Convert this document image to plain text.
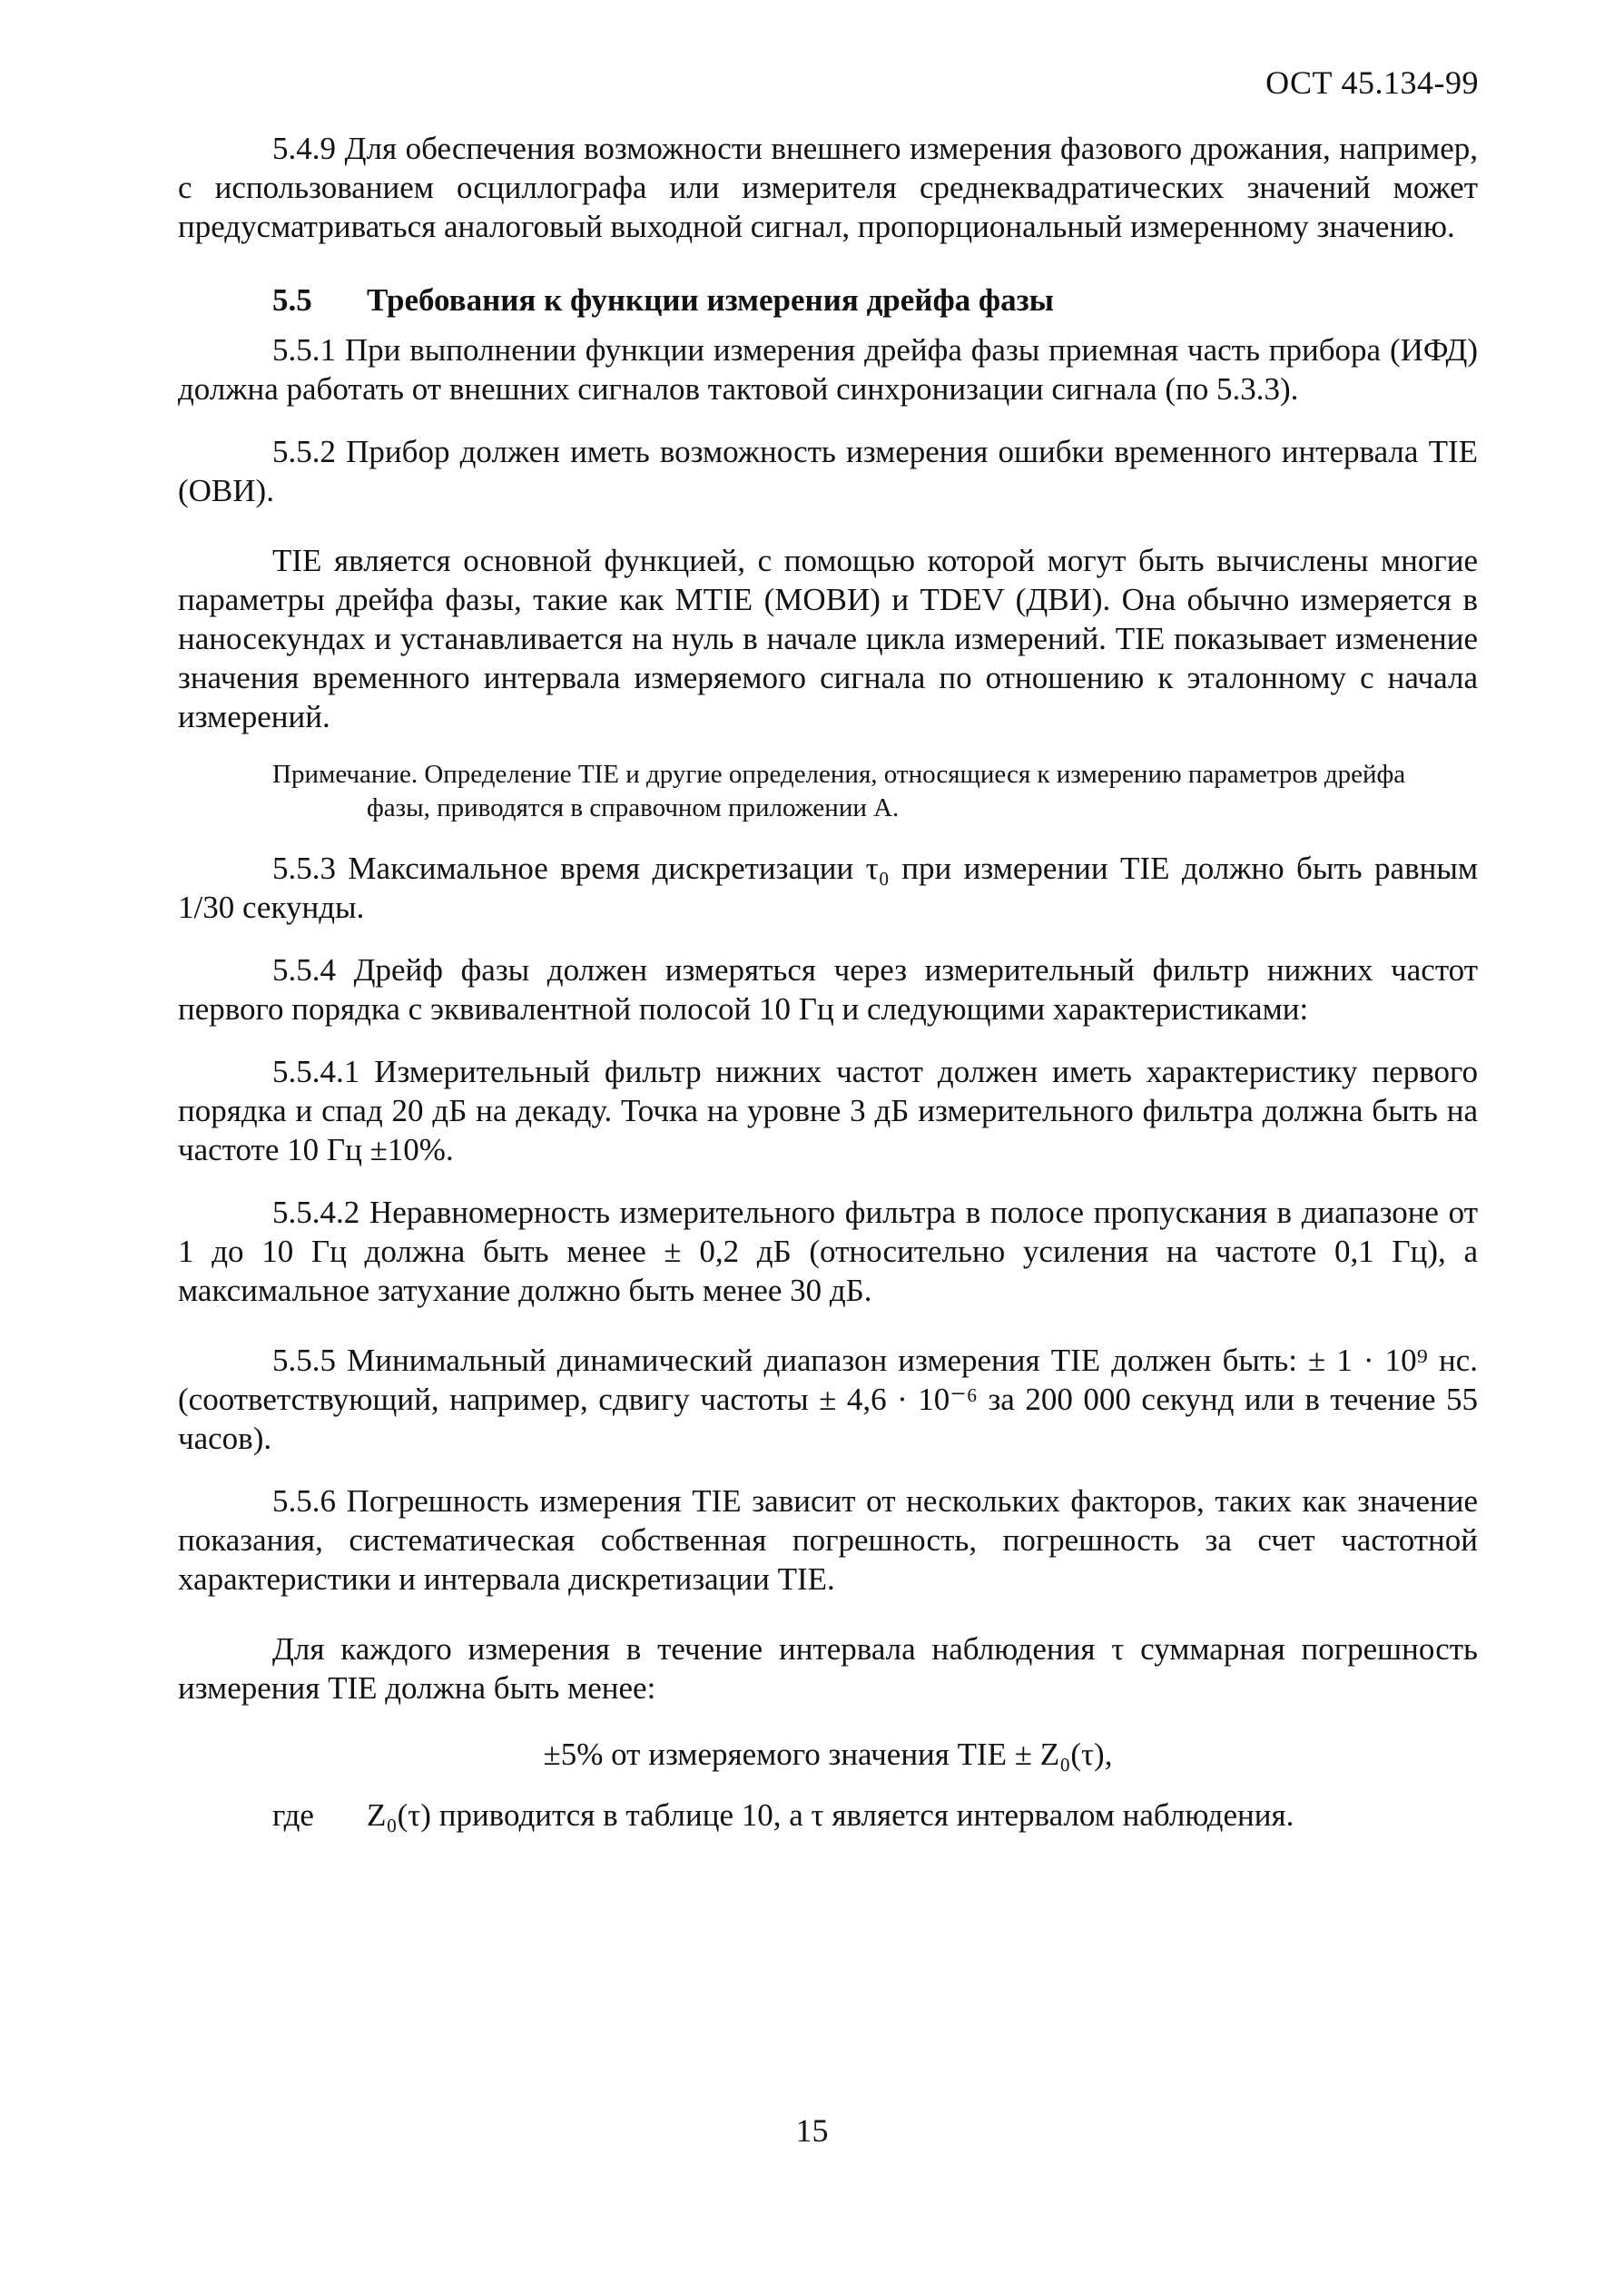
ОСТ 45.134-99

5.4.9 Для обеспечения возможности внешнего измерения фазового дрожания, например, с использованием осциллографа или измерителя среднеквадратических значений может предусматриваться аналоговый выходной сигнал, пропорциональный измеренному значению.

5.5	Требования к функции измерения дрейфа фазы

5.5.1 При выполнении функции измерения дрейфа фазы приемная часть прибора (ИФД) должна работать от внешних сигналов тактовой синхронизации сигнала (по 5.3.3).

5.5.2 Прибор должен иметь возможность измерения ошибки временного интервала TIE (ОВИ).

TIE является основной функцией, с помощью которой могут быть вычислены многие параметры дрейфа фазы, такие как MTIE (МОВИ) и TDEV (ДВИ). Она обычно измеряется в наносекундах и устанавливается на нуль в начале цикла измерений. TIE показывает изменение значения временного интервала измеряемого сигнала по отношению к эталонному с начала измерений.

Примечание. Определение TIE и другие определения, относящиеся к измерению параметров дрейфа
фазы, приводятся в справочном приложении А.

5.5.3 Максимальное время дискретизации τ₀ при измерении TIE должно быть равным 1/30 секунды.

5.5.4 Дрейф фазы должен измеряться через измерительный фильтр нижних частот первого порядка с эквивалентной полосой 10 Гц и следующими характеристиками:

5.5.4.1 Измерительный фильтр нижних частот должен иметь характеристику первого порядка и спад 20 дБ на декаду. Точка на уровне 3 дБ измерительного фильтра должна быть на частоте 10 Гц ±10%.

5.5.4.2 Неравномерность измерительного фильтра в полосе пропускания в диапазоне от 1 до 10 Гц должна быть менее ± 0,2 дБ (относительно усиления на частоте 0,1 Гц), а максимальное затухание должно быть менее 30 дБ.

5.5.5 Минимальный динамический диапазон измерения TIE должен быть: ± 1 · 10⁹ нс. (соответствующий, например, сдвигу частоты ± 4,6 · 10⁻⁶ за 200 000 секунд или в течение 55 часов).

5.5.6 Погрешность измерения TIE зависит от нескольких факторов, таких как значение показания, систематическая собственная погрешность, погрешность за счет частотной характеристики и интервала дискретизации TIE.

Для каждого измерения в течение интервала наблюдения τ суммарная погрешность измерения TIE должна быть менее:

±5% от измеряемого значения TIE ± Z₀(τ),
где	Z₀(τ) приводится в таблице 10, а τ является интервалом наблюдения.
15
